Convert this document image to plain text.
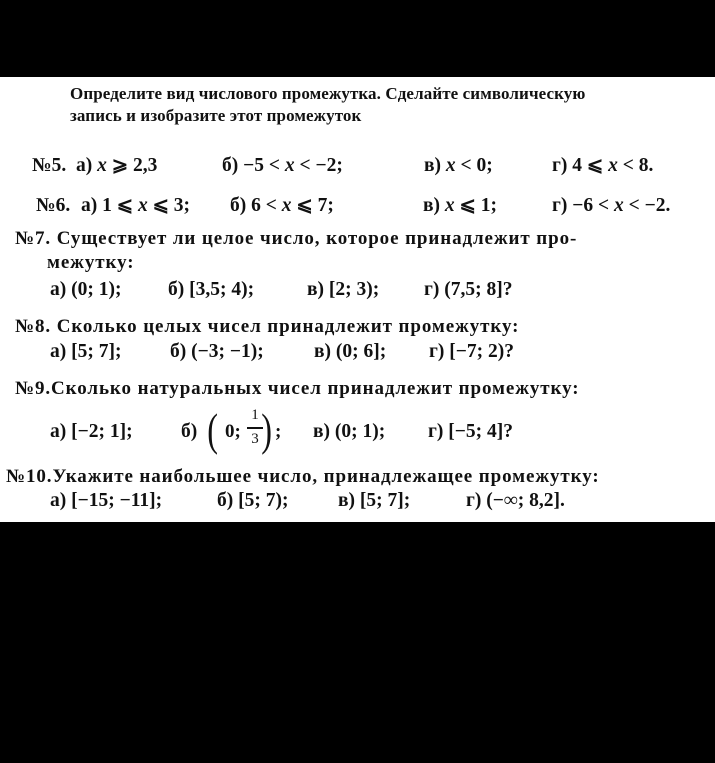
Определите вид числового промежутка. Сделайте символическую
запись и изобразите этот промежуток
№5. а) x ⩾ 2,3	б) −5 < x < −2;	в) x < 0;	г) 4 ⩽ x < 8.
№6. а) 1 ⩽ x ⩽ 3; б) 6 < x ⩽ 7;	в) x ⩽ 1;	г) −6 < x < −2.
№7. Существует ли целое число, которое принадлежит про-
межутку:
а) (0; 1); б) [3,5; 4);	в) [2; 3); г) (7,5; 8]?
№8. Сколько целых чисел принадлежит промежутку:
а) [5; 7]; б) (−3; −1);	в) (0; 6]; г) [−7; 2)?
№9.Сколько натуральных чисел принадлежит промежутку:
а) [−2; 1]; б) ( 0;
1
3 ) ; в) (0; 1); г) [−5; 4]?
№10.Укажите наибольшее число, принадлежащее промежутку:
а) [−15; −11];	б) [5; 7);	в) [5; 7];	г) (−∞; 8,2].
